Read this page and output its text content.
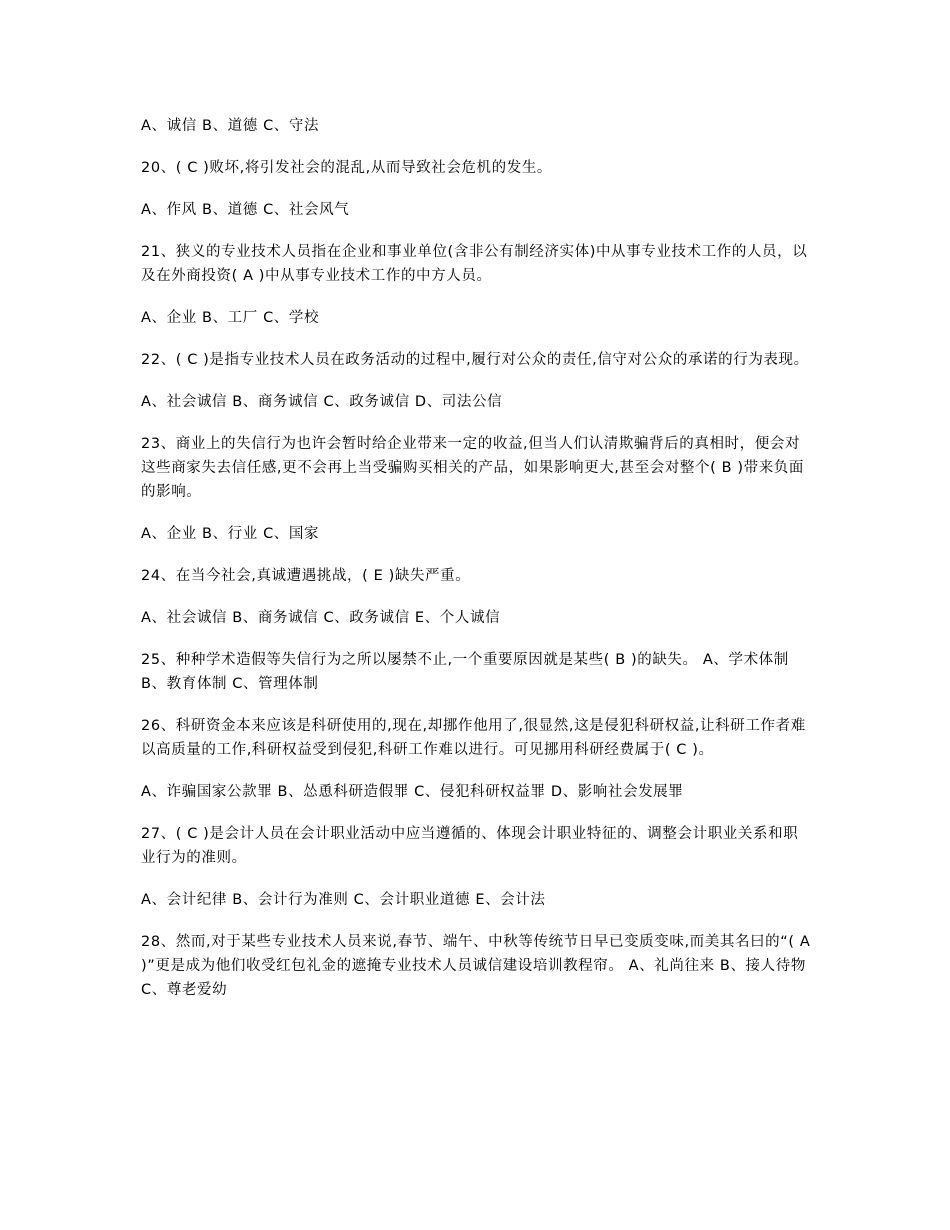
A、诚信 B、道德 C、守法

20、( C )败坏,将引发社会的混乱,从而导致社会危机的发生。

A、作风 B、道德 C、社会风气

21、狭义的专业技术人员指在企业和事业单位(含非公有制经济实体)中从事专业技术工作的人员，以及在外商投资( A )中从事专业技术工作的中方人员。

A、企业 B、工厂 C、学校

22、( C )是指专业技术人员在政务活动的过程中,履行对公众的责任,信守对公众的承诺的行为表现。

A、社会诚信 B、商务诚信 C、政务诚信 D、司法公信

23、商业上的失信行为也许会暂时给企业带来一定的收益,但当人们认清欺骗背后的真相时，便会对这些商家失去信任感,更不会再上当受骗购买相关的产品，如果影响更大,甚至会对整个( B )带来负面的影响。

A、企业 B、行业 C、国家

24、在当今社会,真诚遭遇挑战，( E )缺失严重。

A、社会诚信 B、商务诚信 C、政务诚信 E、个人诚信

25、种种学术造假等失信行为之所以屡禁不止,一个重要原因就是某些( B )的缺失。 A、学术体制 B、教育体制 C、管理体制

26、科研资金本来应该是科研使用的,现在,却挪作他用了,很显然,这是侵犯科研权益,让科研工作者难以高质量的工作,科研权益受到侵犯,科研工作难以进行。可见挪用科研经费属于( C )。

A、诈骗国家公款罪 B、怂恿科研造假罪 C、侵犯科研权益罪 D、影响社会发展罪

27、( C )是会计人员在会计职业活动中应当遵循的、体现会计职业特征的、调整会计职业关系和职业行为的准则。

A、会计纪律 B、会计行为准则 C、会计职业道德 E、会计法

28、然而,对于某些专业技术人员来说,春节、端午、中秋等传统节日早已变质变味,而美其名曰的“( A )”更是成为他们收受红包礼金的遮掩专业技术人员诚信建设培训教程帘。 A、礼尚往来 B、接人待物 C、尊老爱幼
